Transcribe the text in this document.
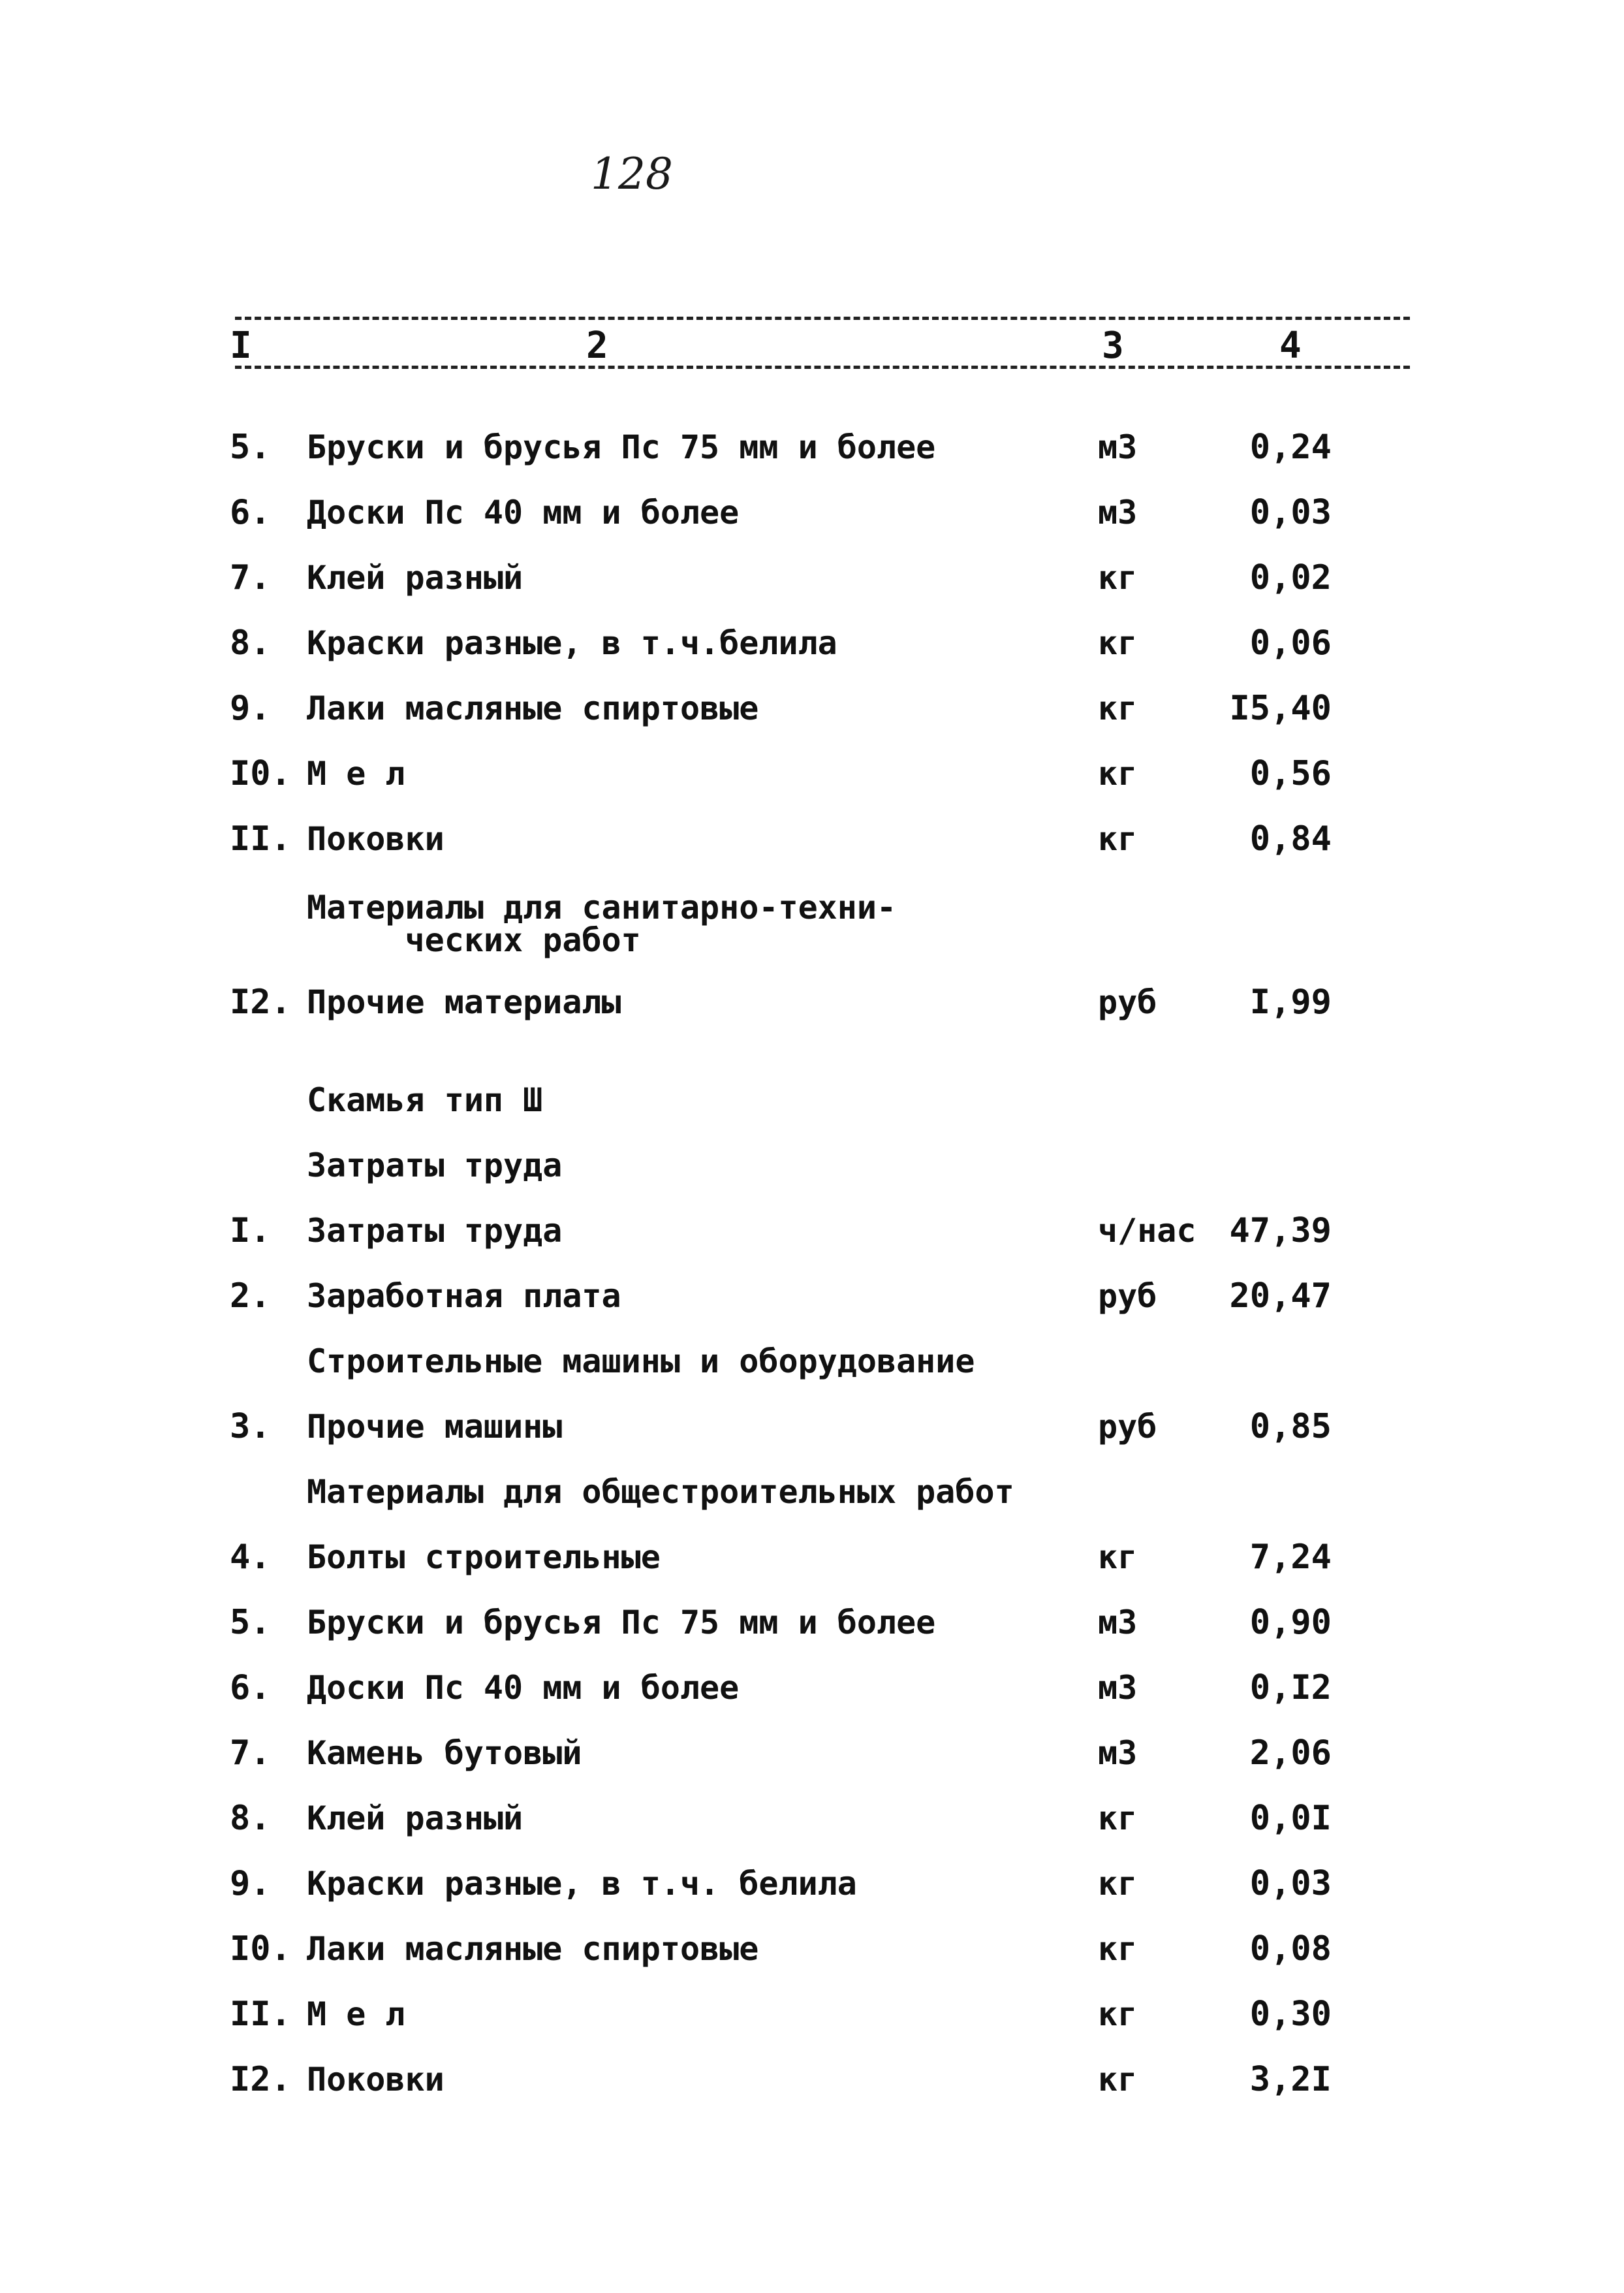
128
I	2	3	4
5. Бруски и брусья Пс 75 мм и более	м3	0,24
6. Доски Пс 40 мм и более	м3	0,03
7. Клей разный	кг	0,02
8. Краски разные, в т.ч.белила	кг	0,06
9. Лаки масляные спиртовые	кг	I5,40
I0. М е л	кг	0,56
II. Поковки	кг	0,84
Материалы для санитарно-техни-
ческих работ
I2. Прочие материалы	руб	I,99
Скамья тип Ш
Затраты труда
I. Затраты труда	ч/нас 47,39
2. Заработная плата	руб 20,47
Строительные машины и оборудование
3. Прочие машины	руб	0,85
Материалы для общестроительных работ
4. Болты строительные	кг	7,24
5. Бруски и брусья Пс 75 мм и более	м3	0,90
6. Доски Пс 40 мм и более	м3	0,I2
7. Камень бутовый	м3	2,06
8. Клей разный	кг	0,0I
9. Краски разные, в т.ч. белила	кг	0,03
I0. Лаки масляные спиртовые	кг	0,08
II. М е л	кг	0,30
I2. Поковки	кг	3,2I
